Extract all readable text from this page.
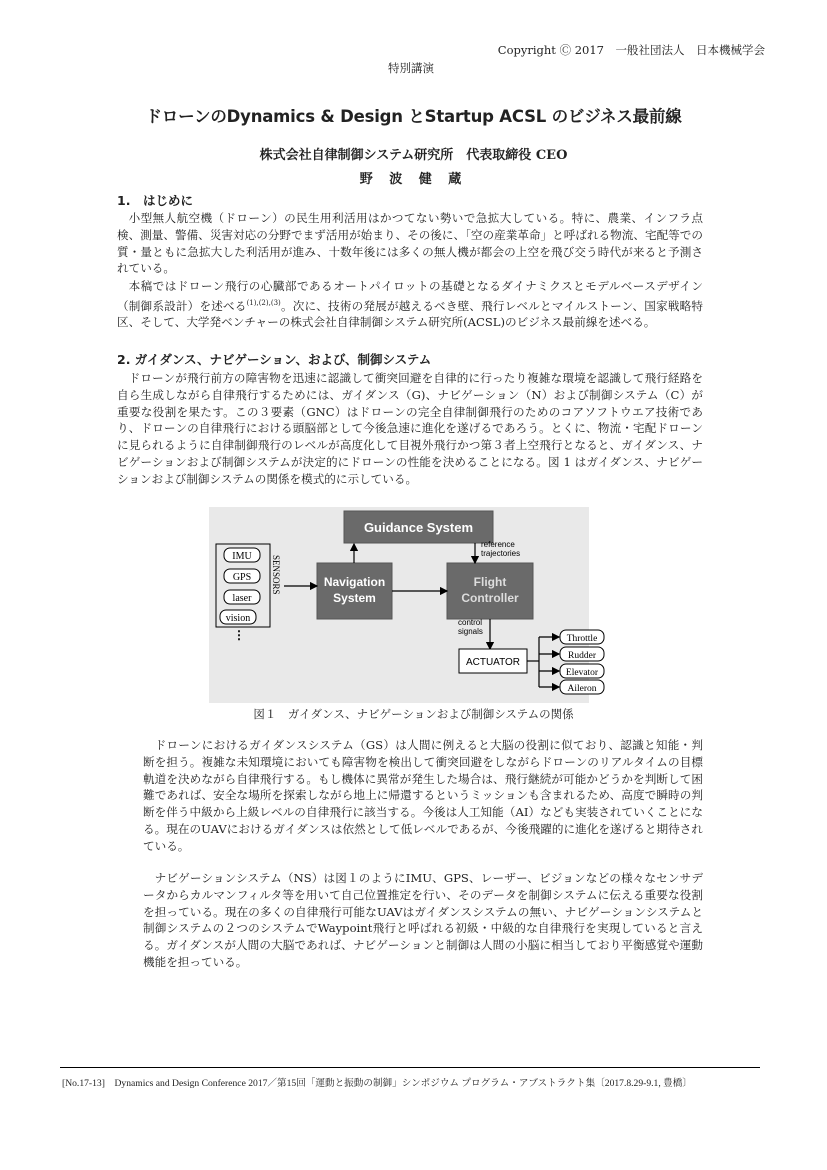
Copyright Ⓒ 2017　一般社団法人　日本機械学会
特別講演
ドローンのDynamics & Design とStartup ACSL のビジネス最前線
株式会社自律制御システム研究所　代表取締役 CEO
野 波 健 蔵
1.　はじめに

小型無人航空機（ドローン）の民生用利活用はかつてない勢いで急拡大している。特に、農業、インフラ点検、測量、警備、災害対応の分野でまず活用が始まり、その後に、「空の産業革命」と呼ばれる物流、宅配等での質・量ともに急拡大した利活用が進み、十数年後には多くの無人機が都会の上空を飛び交う時代が来ると予測されている。

本稿ではドローン飛行の心臓部であるオートパイロットの基礎となるダイナミクスとモデルベースデザイン（制御系設計）を述べる$^{(1),(2),(3)}$。次に、技術の発展が越えるべき壁、飛行レベルとマイルストーン、国家戦略特区、そして、大学発ベンチャーの株式会社自律制御システム研究所(ACSL)のビジネス最前線を述べる。

2. ガイダンス、ナビゲーション、および、制御システム

ドローンが飛行前方の障害物を迅速に認識して衝突回避を自律的に行ったり複雑な環境を認識して飛行経路を自ら生成しながら自律飛行するためには、ガイダンス（G)、ナビゲーション（N）および制御システム（C）が重要な役割を果たす。この３要素（GNC）はドローンの完全自律制御飛行のためのコアソフトウエア技術であり、ドローンの自律飛行における頭脳部として今後急速に進化を遂げるであろう。とくに、物流・宅配ドローンに見られるように自律制御飛行のレベルが高度化して目視外飛行かつ第３者上空飛行となると、ガイダンス、ナビゲーションおよび制御システムが決定的にドローンの性能を決めることになる。図 1 はガイダンス、ナビゲーションおよび制御システムの関係を模式的に示している。

Guidance System
Navigation
System
Flight
Controller
IMU
GPS
laser
vision
⋮
SENSORS
reference
trajectories
control
signals
ACTUATOR
Throttle
Rudder
Elevator
Aileron
図１　ガイダンス、ナビゲーションおよび制御システムの関係

ドローンにおけるガイダンスシステム（GS）は人間に例えると大脳の役割に似ており、認識と知能・判断を担う。複雑な未知環境においても障害物を検出して衝突回避をしながらドローンのリアルタイムの目標軌道を決めながら自律飛行する。もし機体に異常が発生した場合は、飛行継続が可能かどうかを判断して困難であれば、安全な場所を探索しながら地上に帰還するというミッションも含まれるため、高度で瞬時の判断を伴う中級から上級レベルの自律飛行に該当する。今後は人工知能（AI）なども実装されていくことになる。現在のUAVにおけるガイダンスは依然として低レベルであるが、今後飛躍的に進化を遂げると期待されている。

ナビゲーションシステム（NS）は図１のようにIMU、GPS、レーザー、ビジョンなどの様々なセンサデータからカルマンフィルタ等を用いて自己位置推定を行い、そのデータを制御システムに伝える重要な役割を担っている。現在の多くの自律飛行可能なUAVはガイダンスシステムの無い、ナビゲーションシステムと制御システムの２つのシステムでWaypoint飛行と呼ばれる初級・中級的な自律飛行を実現していると言える。ガイダンスが人間の大脳であれば、ナビゲーションと制御は人間の小脳に相当しており平衡感覚や運動機能を担っている。

[No.17-13]　Dynamics and Design Conference 2017／第15回「運動と振動の制御」シンポジウム プログラム・アブストラクト集〔2017.8.29-9.1, 豊橋〕
